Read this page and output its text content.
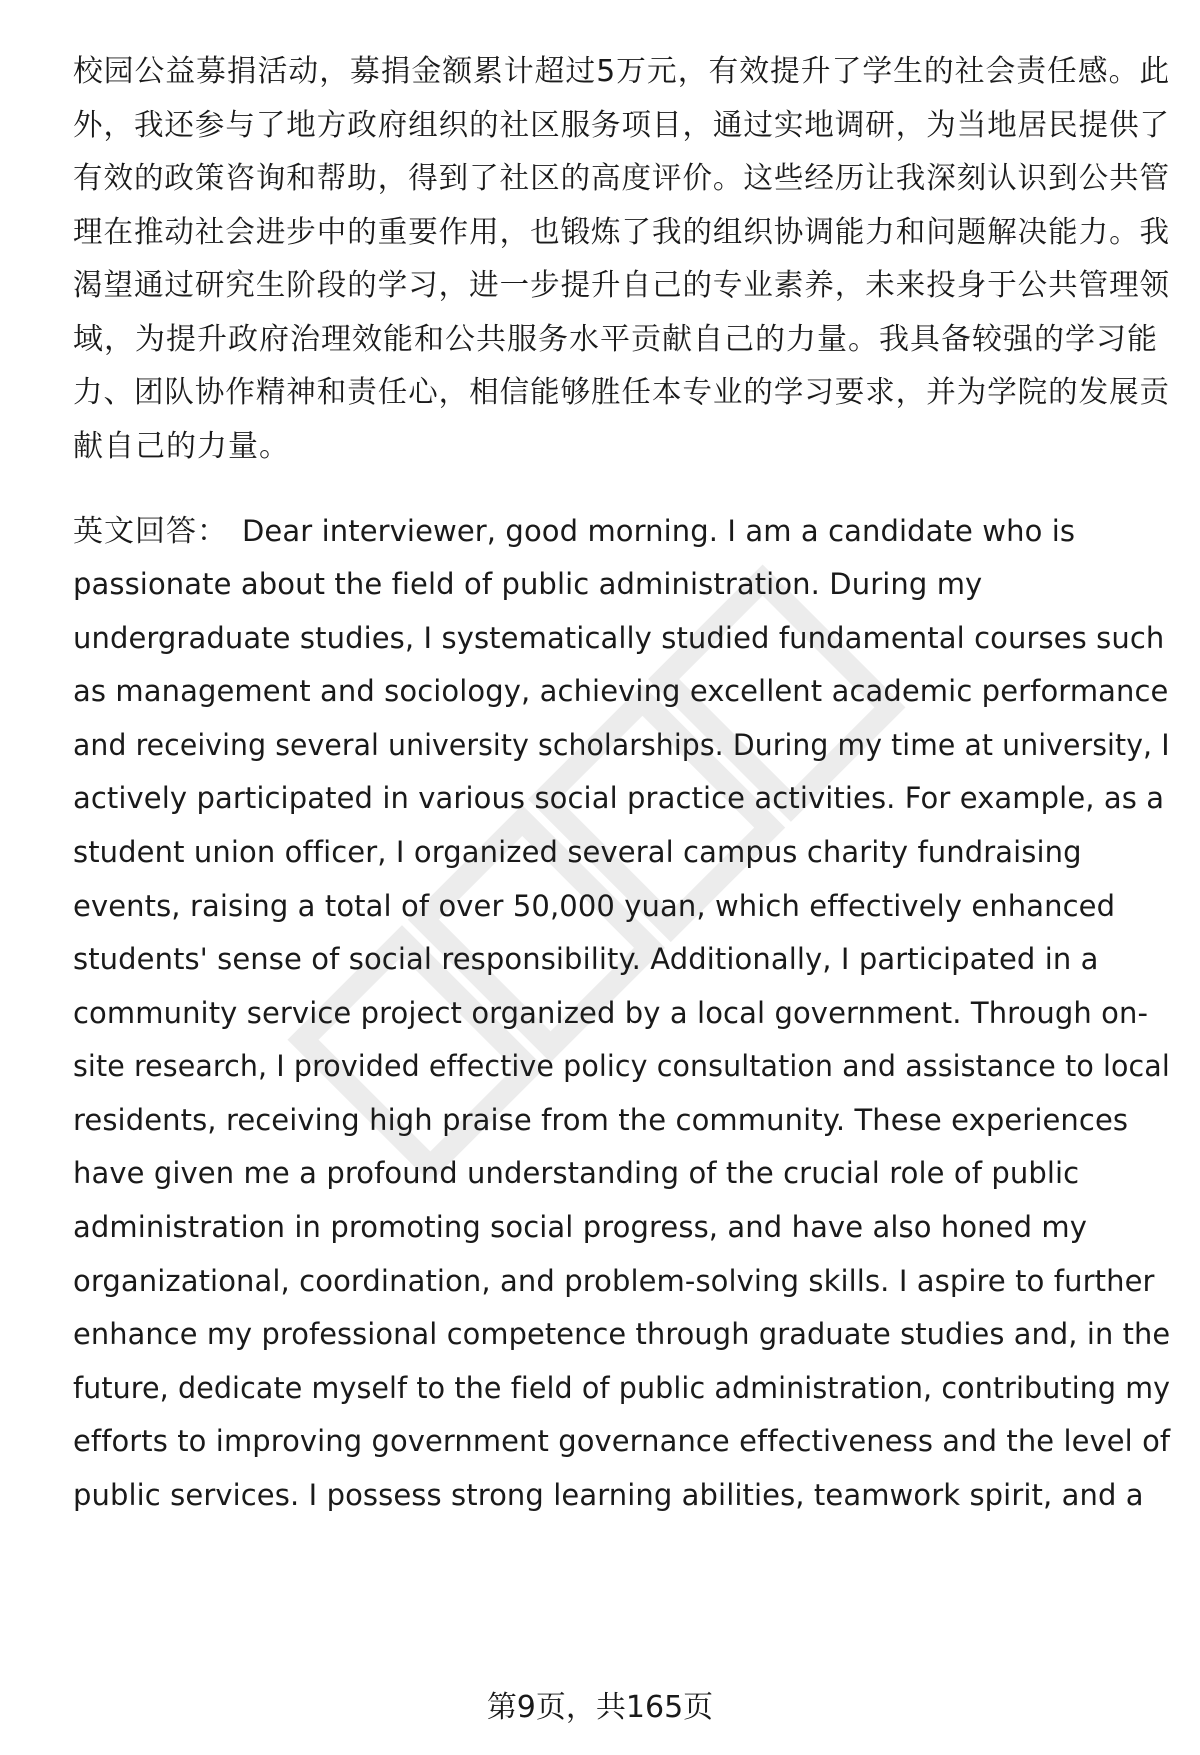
校园公益募捐活动，募捐金额累计超过5万元，有效提升了学生的社会责任感。此
外，我还参与了地方政府组织的社区服务项目，通过实地调研，为当地居民提供了
有效的政策咨询和帮助，得到了社区的高度评价。这些经历让我深刻认识到公共管
理在推动社会进步中的重要作用，也锻炼了我的组织协调能力和问题解决能力。我
渴望通过研究生阶段的学习，进一步提升自己的专业素养，未来投身于公共管理领
域，为提升政府治理效能和公共服务水平贡献自己的力量。我具备较强的学习能
力、团队协作精神和责任心，相信能够胜任本专业的学习要求，并为学院的发展贡
献自己的力量。
英文回答： Dear interviewer, good morning. I am a candidate who is
passionate about the field of public administration. During my
undergraduate studies, I systematically studied fundamental courses such
as management and sociology, achieving excellent academic performance
and receiving several university scholarships. During my time at university, I
actively participated in various social practice activities. For example, as a
student union officer, I organized several campus charity fundraising
events, raising a total of over 50,000 yuan, which effectively enhanced
students' sense of social responsibility. Additionally, I participated in a
community service project organized by a local government. Through on-
site research, I provided effective policy consultation and assistance to local
residents, receiving high praise from the community. These experiences
have given me a profound understanding of the crucial role of public
administration in promoting social progress, and have also honed my
organizational, coordination, and problem-solving skills. I aspire to further
enhance my professional competence through graduate studies and, in the
future, dedicate myself to the field of public administration, contributing my
efforts to improving government governance effectiveness and the level of
public services. I possess strong learning abilities, teamwork spirit, and a
第9页，共165页
